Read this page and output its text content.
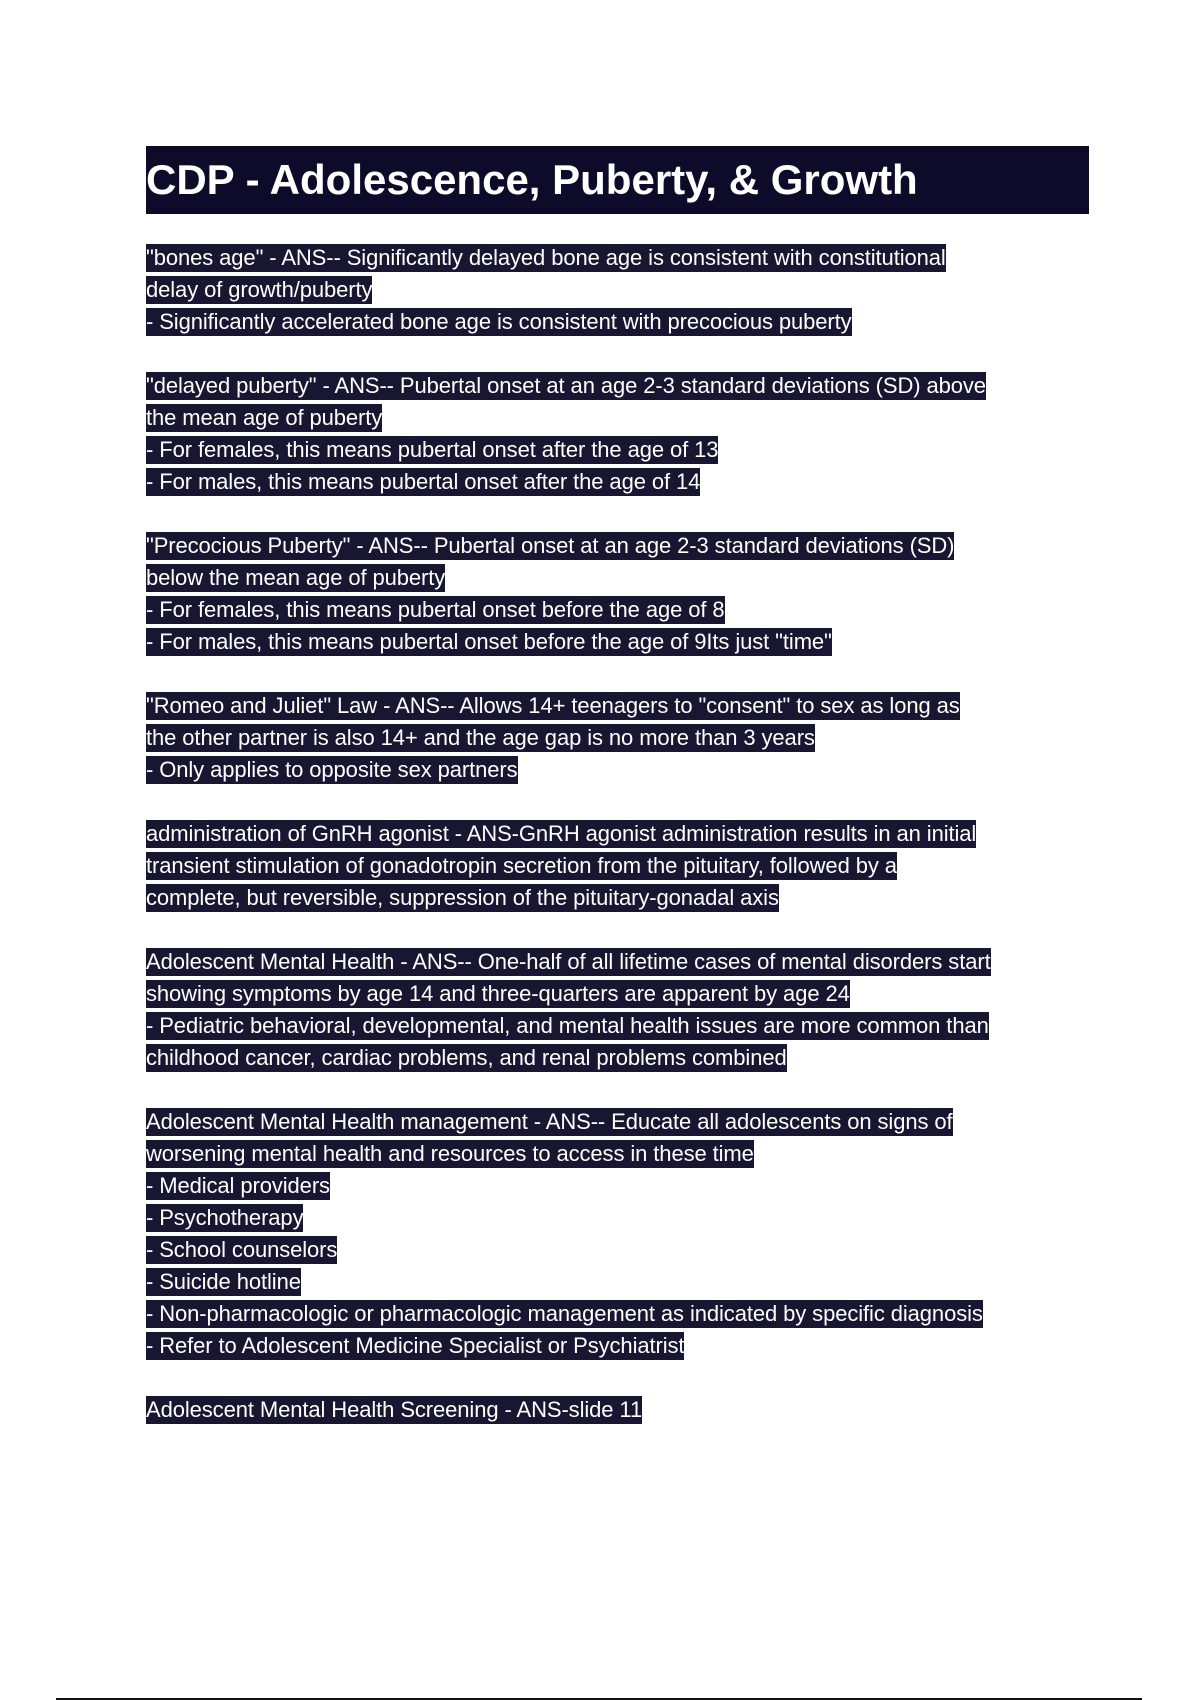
CDP - Adolescence, Puberty, & Growth
"bones age" - ANS-- Significantly delayed bone age is consistent with constitutional
delay of growth/puberty
- Significantly accelerated bone age is consistent with precocious puberty
"delayed puberty" - ANS-- Pubertal onset at an age 2-3 standard deviations (SD) above
the mean age of puberty
- For females, this means pubertal onset after the age of 13
- For males, this means pubertal onset after the age of 14
"Precocious Puberty" - ANS-- Pubertal onset at an age 2-3 standard deviations (SD)
below the mean age of puberty
- For females, this means pubertal onset before the age of 8
- For males, this means pubertal onset before the age of 9Its just "time"
"Romeo and Juliet" Law - ANS-- Allows 14+ teenagers to "consent" to sex as long as
the other partner is also 14+ and the age gap is no more than 3 years
- Only applies to opposite sex partners
administration of GnRH agonist - ANS-GnRH agonist administration results in an initial
transient stimulation of gonadotropin secretion from the pituitary, followed by a
complete, but reversible, suppression of the pituitary-gonadal axis
Adolescent Mental Health - ANS-- One-half of all lifetime cases of mental disorders start
showing symptoms by age 14 and three-quarters are apparent by age 24
- Pediatric behavioral, developmental, and mental health issues are more common than
childhood cancer, cardiac problems, and renal problems combined
Adolescent Mental Health management - ANS-- Educate all adolescents on signs of
worsening mental health and resources to access in these time
- Medical providers
- Psychotherapy
- School counselors
- Suicide hotline
- Non-pharmacologic or pharmacologic management as indicated by specific diagnosis
- Refer to Adolescent Medicine Specialist or Psychiatrist
Adolescent Mental Health Screening - ANS-slide 11
